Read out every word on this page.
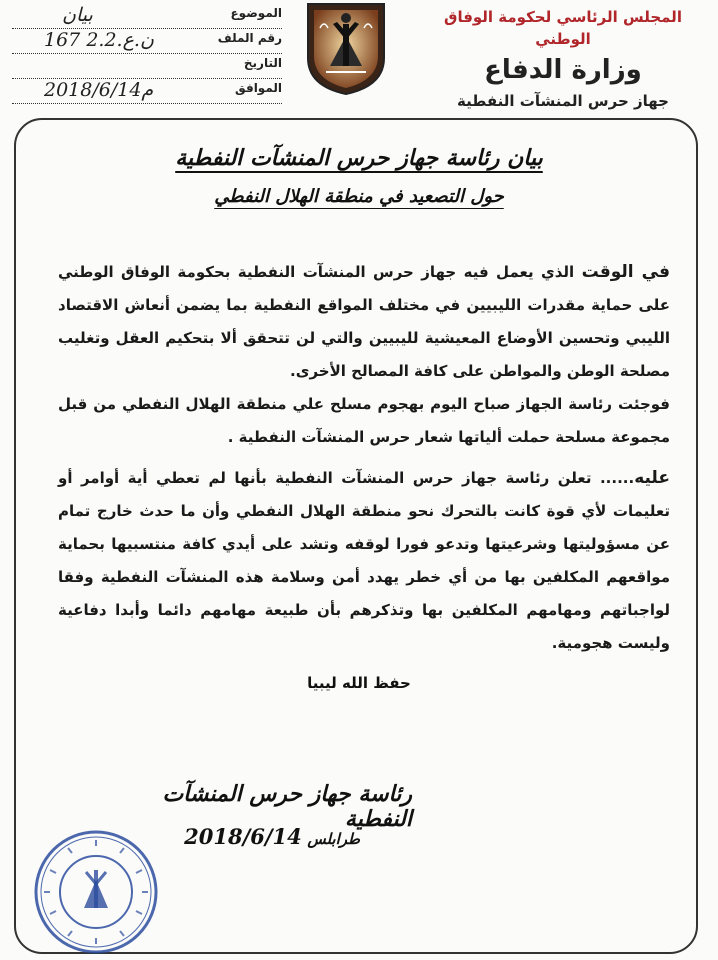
المجلس الرئاسي لحكومة الوفاق الوطني
وزارة الدفاع
جهاز حرس المنشآت النفطية
الموضوع
بيان
رقم الملف
167 ن.ع.2.2
التاريخ
الموافق
2018/6/14م
بيان رئاسة جهاز حرس المنشآت النفطية
حول التصعيد في منطقة الهلال النفطي
في الوقت الذي يعمل فيه جهاز حرس المنشآت النفطية بحكومة الوفاق الوطني على حماية مقدرات الليبيين في مختلف المواقع النفطية بما يضمن أنعاش الاقتصاد الليبي وتحسين الأوضاع المعيشية لليبيين والتي لن تتحقق ألا بتحكيم العقل وتغليب مصلحة الوطن والمواطن على كافة المصالح الأخرى.
فوجئت رئاسة الجهاز صباح اليوم بهجوم مسلح علي منطقة الهلال النفطي من قبل مجموعة مسلحة حملت ألياتها شعار حرس المنشآت النفطية .
عليه...... تعلن رئاسة جهاز حرس المنشآت النفطية بأنها لم تعطي أية أوامر أو تعليمات لأي قوة كانت بالتحرك نحو منطقة الهلال النفطي وأن ما حدث خارج تمام عن مسؤوليتها وشرعيتها وتدعو فورا لوقفه وتشد على أيدي كافة منتسبيها بحماية مواقعهم المكلفين بها من أي خطر يهدد أمن وسلامة هذه المنشآت النفطية وفقا لواجباتهم ومهامهم المكلفين بها وتذكرهم بأن طبيعة مهامهم دائما وأبدا دفاعية وليست هجومية.
حفظ الله ليبيا
رئاسة جهاز حرس المنشآت النفطية
طرابلس 2018/6/14
